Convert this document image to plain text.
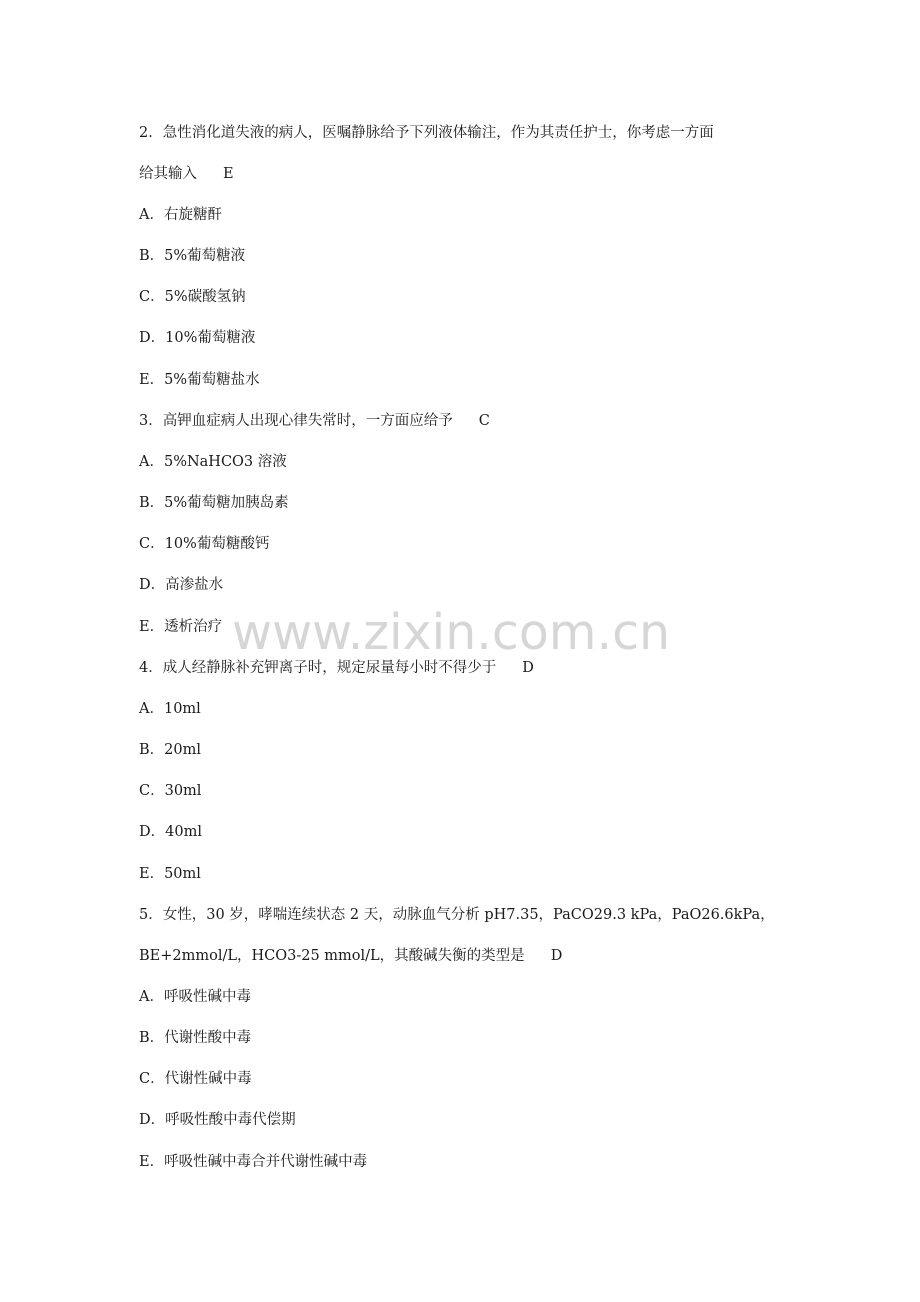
2．急性消化道失液的病人，医嘱静脉给予下列液体输注，作为其责任护士，你考虑一方面
给其输入 E
A．右旋糖酐
B．5%葡萄糖液
C．5%碳酸氢钠
D．10%葡萄糖液
E．5%葡萄糖盐水
3．高钾血症病人出现心律失常时，一方面应给予 C
A．5%NaHCO3 溶液
B．5%葡萄糖加胰岛素
C．10%葡萄糖酸钙
D．高渗盐水
E．透析治疗
4．成人经静脉补充钾离子时，规定尿量每小时不得少于 D
A．10ml
B．20ml
C．30ml
D．40ml
E．50ml
5．女性，30 岁，哮喘连续状态 2 天，动脉血气分析 pH7.35，PaCO29.3 kPa，PaO26.6kPa，
BE+2mmol/L，HCO3-25 mmol/L，其酸碱失衡的类型是 D
A．呼吸性碱中毒
B．代谢性酸中毒
C．代谢性碱中毒
D．呼吸性酸中毒代偿期
E．呼吸性碱中毒合并代谢性碱中毒
www.zixin.com.cn
